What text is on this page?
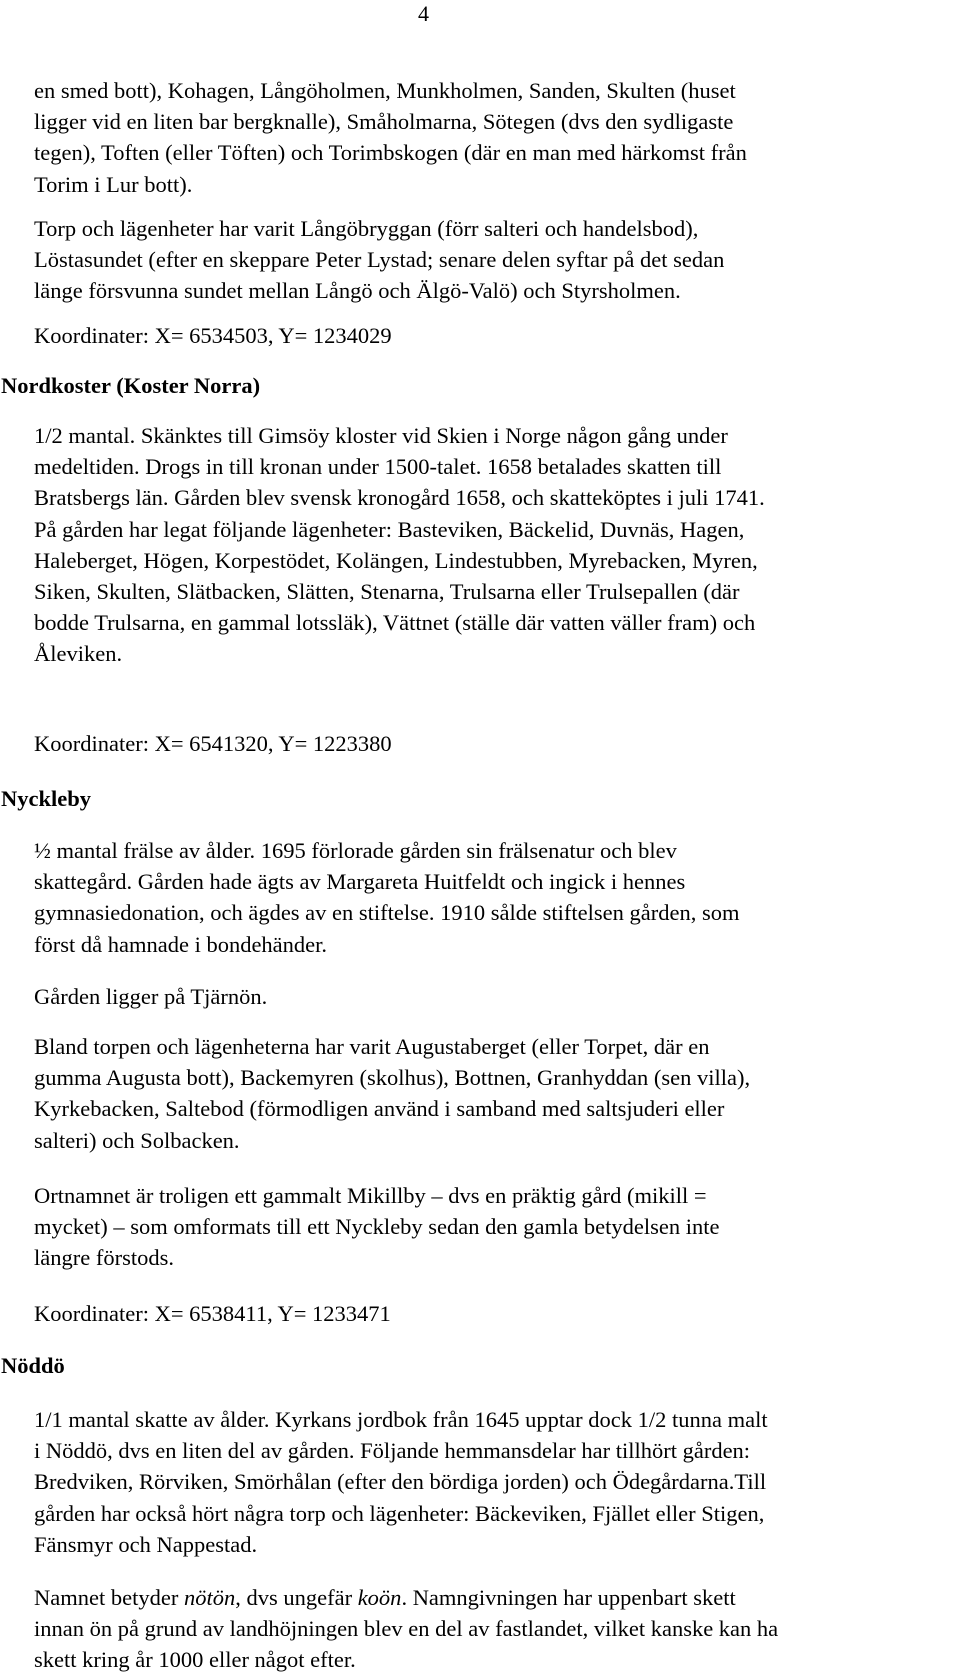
4

en smed bott), Kohagen, Långöholmen, Munkholmen, Sanden, Skulten (huset
ligger vid en liten bar bergknalle), Småholmarna, Sötegen (dvs den sydligaste
tegen), Toften (eller Töften) och Torimbskogen (där en man med härkomst från
Torim i Lur bott).

Torp och lägenheter har varit Långöbryggan (förr salteri och handelsbod),
Löstasundet (efter en skeppare Peter Lystad; senare delen syftar på det sedan
länge försvunna sundet mellan Långö och Älgö-Valö) och Styrsholmen.

Koordinater: X= 6534503, Y= 1234029

Nordkoster (Koster Norra)

1/2 mantal. Skänktes till Gimsöy kloster vid Skien i Norge någon gång under
medeltiden. Drogs in till kronan under 1500-talet. 1658 betalades skatten till
Bratsbergs län. Gården blev svensk kronogård 1658, och skatteköptes i juli 1741.
På gården har legat följande lägenheter: Basteviken, Bäckelid, Duvnäs, Hagen,
Haleberget, Högen, Korpestödet, Kolängen, Lindestubben, Myrebacken, Myren,
Siken, Skulten, Slätbacken, Slätten, Stenarna, Trulsarna eller Trulsepallen (där
bodde Trulsarna, en gammal lotssläk), Vättnet (ställe där vatten väller fram) och
Åleviken.

Koordinater: X= 6541320, Y= 1223380

Nyckleby

½ mantal frälse av ålder. 1695 förlorade gården sin frälsenatur och blev
skattegård. Gården hade ägts av Margareta Huitfeldt och ingick i hennes
gymnasiedonation, och ägdes av en stiftelse. 1910 sålde stiftelsen gården, som
först då hamnade i bondehänder.

Gården ligger på Tjärnön.

Bland torpen och lägenheterna har varit Augustaberget (eller Torpet, där en
gumma Augusta bott), Backemyren (skolhus), Bottnen, Granhyddan (sen villa),
Kyrkebacken, Saltebod (förmodligen använd i samband med saltsjuderi eller
salteri) och Solbacken.

Ortnamnet är troligen ett gammalt Mikillby – dvs en präktig gård (mikill =
mycket) – som omformats till ett Nyckleby sedan den gamla betydelsen inte
längre förstods.

Koordinater: X= 6538411, Y= 1233471

Nöddö

1/1 mantal skatte av ålder. Kyrkans jordbok från 1645 upptar dock 1/2 tunna malt
i Nöddö, dvs en liten del av gården. Följande hemmansdelar har tillhört gården:
Bredviken, Rörviken, Smörhålan (efter den bördiga jorden) och Ödegårdarna.Till
gården har också hört några torp och lägenheter: Bäckeviken, Fjället eller Stigen,
Fänsmyr och Nappestad.

Namnet betyder nötön, dvs ungefär koön. Namngivningen har uppenbart skett
innan ön på grund av landhöjningen blev en del av fastlandet, vilket kanske kan ha
skett kring år 1000 eller något efter.
